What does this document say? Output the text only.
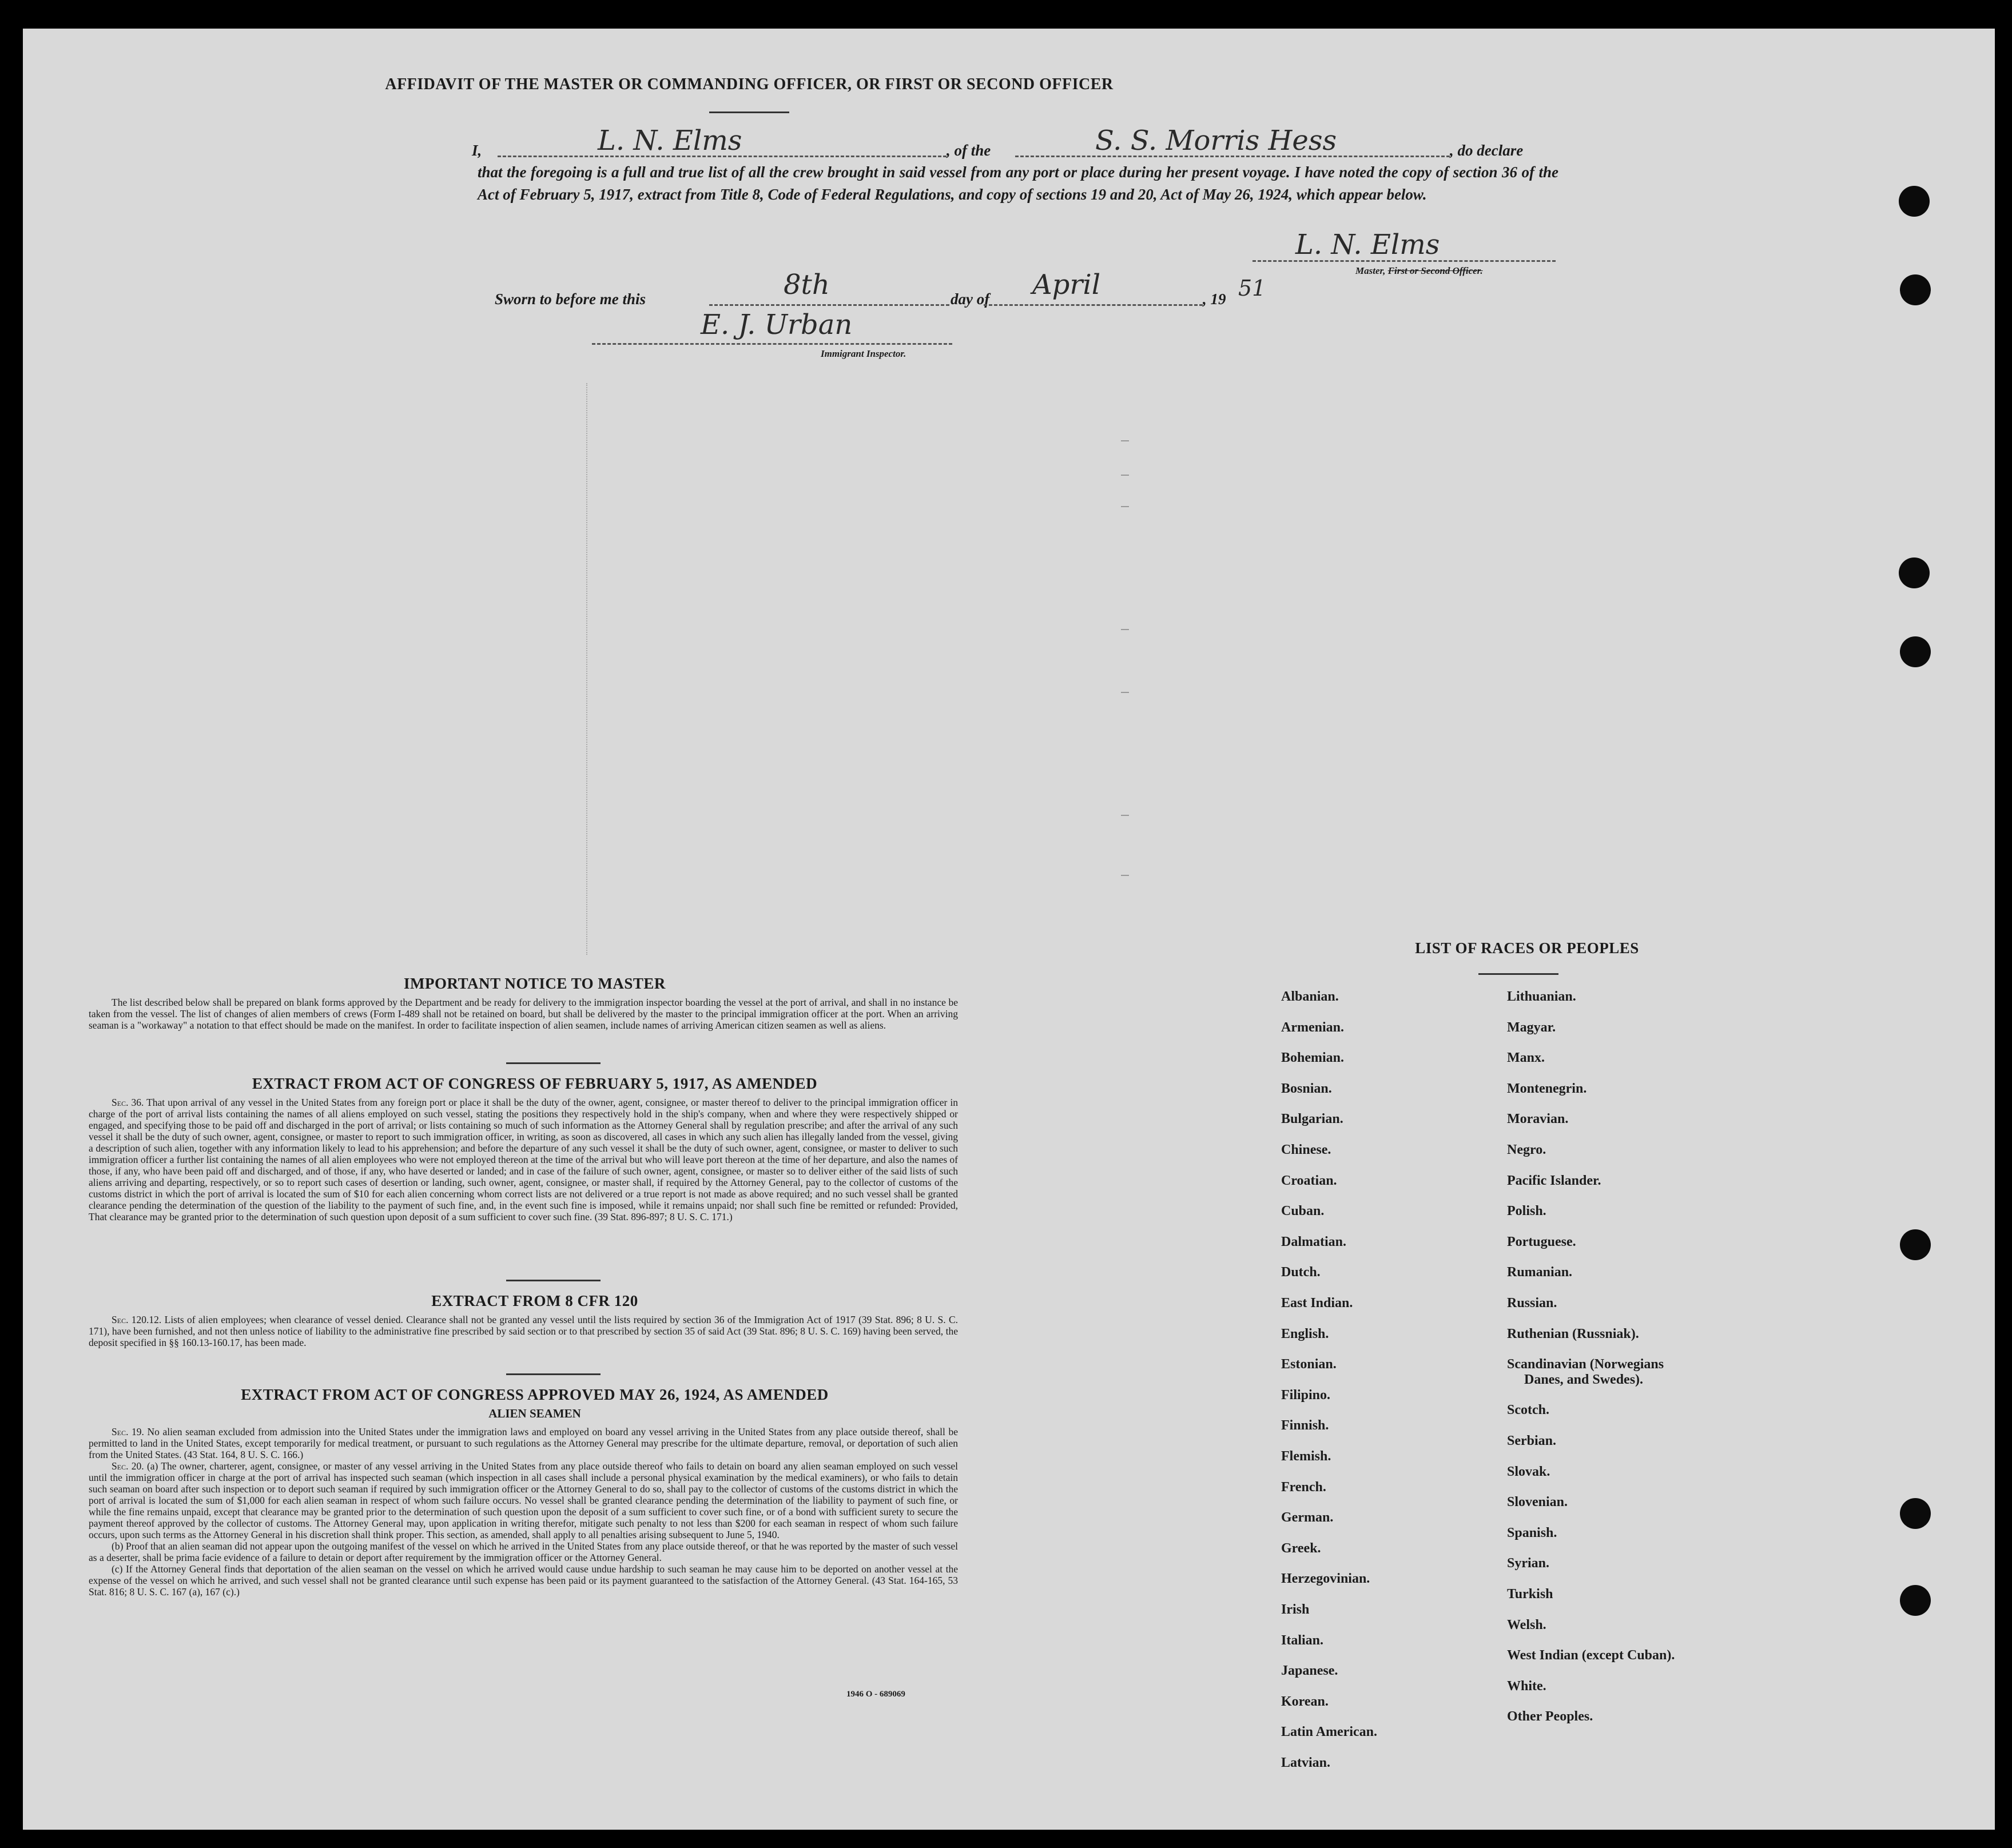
AFFIDAVIT OF THE MASTER OR COMMANDING OFFICER, OR FIRST OR SECOND OFFICER
I,	L. N. Elms	, of the	S. S. Morris Hess	, do declare
that the foregoing is a full and true list of all the crew brought in said vessel from any port or place during her present voyage. I have noted the copy of section 36 of the Act of February 5, 1917, extract from Title 8, Code of Federal Regulations, and copy of sections 19 and 20, Act of May 26, 1924, which appear below.
L. N. Elms
Master, First or Second Officer.
Sworn to before me this	8th	day of April	, 19 51
E. J. Urban
Immigrant Inspector.
IMPORTANT NOTICE TO MASTER

The list described below shall be prepared on blank forms approved by the Department and be ready for delivery to the immigration inspector boarding the vessel at the port of arrival, and shall in no instance be taken from the vessel. The list of changes of alien members of crews (Form I-489 shall not be retained on board, but shall be delivered by the master to the principal immigration officer at the port. When an arriving seaman is a "workaway" a notation to that effect should be made on the manifest. In order to facilitate inspection of alien seamen, include names of arriving American citizen seamen as well as aliens.

EXTRACT FROM ACT OF CONGRESS OF FEBRUARY 5, 1917, AS AMENDED

Sec. 36. That upon arrival of any vessel in the United States from any foreign port or place it shall be the duty of the owner, agent, consignee, or master thereof to deliver to the principal immigration officer in charge of the port of arrival lists containing the names of all aliens employed on such vessel, stating the positions they respectively hold in the ship's company, when and where they were respectively shipped or engaged, and specifying those to be paid off and discharged in the port of arrival; or lists containing so much of such information as the Attorney General shall by regulation prescribe; and after the arrival of any such vessel it shall be the duty of such owner, agent, consignee, or master to report to such immigration officer, in writing, as soon as discovered, all cases in which any such alien has illegally landed from the vessel, giving a description of such alien, together with any information likely to lead to his apprehension; and before the departure of any such vessel it shall be the duty of such owner, agent, consignee, or master to deliver to such immigration officer a further list containing the names of all alien employees who were not employed thereon at the time of the arrival but who will leave port thereon at the time of her departure, and also the names of those, if any, who have been paid off and discharged, and of those, if any, who have deserted or landed; and in case of the failure of such owner, agent, consignee, or master so to deliver either of the said lists of such aliens arriving and departing, respectively, or so to report such cases of desertion or landing, such owner, agent, consignee, or master shall, if required by the Attorney General, pay to the collector of customs of the customs district in which the port of arrival is located the sum of $10 for each alien concerning whom correct lists are not delivered or a true report is not made as above required; and no such vessel shall be granted clearance pending the determination of the question of the liability to the payment of such fine, and, in the event such fine is imposed, while it remains unpaid; nor shall such fine be remitted or refunded: Provided, That clearance may be granted prior to the determination of such question upon deposit of a sum sufficient to cover such fine. (39 Stat. 896-897; 8 U. S. C. 171.)

EXTRACT FROM 8 CFR 120

Sec. 120.12. Lists of alien employees; when clearance of vessel denied. Clearance shall not be granted any vessel until the lists required by section 36 of the Immigration Act of 1917 (39 Stat. 896; 8 U. S. C. 171), have been furnished, and not then unless notice of liability to the administrative fine prescribed by said section or to that prescribed by section 35 of said Act (39 Stat. 896; 8 U. S. C. 169) having been served, the deposit specified in §§ 160.13-160.17, has been made.

EXTRACT FROM ACT OF CONGRESS APPROVED MAY 26, 1924, AS AMENDED
ALIEN SEAMEN

Sec. 19. No alien seaman excluded from admission into the United States under the immigration laws and employed on board any vessel arriving in the United States from any place outside thereof, shall be permitted to land in the United States, except temporarily for medical treatment, or pursuant to such regulations as the Attorney General may prescribe for the ultimate departure, removal, or deportation of such alien from the United States. (43 Stat. 164, 8 U. S. C. 166.)

Sec. 20. (a) The owner, charterer, agent, consignee, or master of any vessel arriving in the United States from any place outside thereof who fails to detain on board any alien seaman employed on such vessel until the immigration officer in charge at the port of arrival has inspected such seaman (which inspection in all cases shall include a personal physical examination by the medical examiners), or who fails to detain such seaman on board after such inspection or to deport such seaman if required by such immigration officer or the Attorney General to do so, shall pay to the collector of customs of the customs district in which the port of arrival is located the sum of $1,000 for each alien seaman in respect of whom such failure occurs. No vessel shall be granted clearance pending the determination of the liability to payment of such fine, or while the fine remains unpaid, except that clearance may be granted prior to the determination of such question upon the deposit of a sum sufficient to cover such fine, or of a bond with sufficient surety to secure the payment thereof approved by the collector of customs. The Attorney General may, upon application in writing therefor, mitigate such penalty to not less than $200 for each seaman in respect of whom such failure occurs, upon such terms as the Attorney General in his discretion shall think proper. This section, as amended, shall apply to all penalties arising subsequent to June 5, 1940.

(b) Proof that an alien seaman did not appear upon the outgoing manifest of the vessel on which he arrived in the United States from any place outside thereof, or that he was reported by the master of such vessel as a deserter, shall be prima facie evidence of a failure to detain or deport after requirement by the immigration officer or the Attorney General.

(c) If the Attorney General finds that deportation of the alien seaman on the vessel on which he arrived would cause undue hardship to such seaman he may cause him to be deported on another vessel at the expense of the vessel on which he arrived, and such vessel shall not be granted clearance until such expense has been paid or its payment guaranteed to the satisfaction of the Attorney General. (43 Stat. 164-165, 53 Stat. 816; 8 U. S. C. 167 (a), 167 (c).)

1946 O - 689069
LIST OF RACES OR PEOPLES
Albanian.
Armenian.
Bohemian.
Bosnian.
Bulgarian.
Chinese.
Croatian.
Cuban.
Dalmatian.
Dutch.
East Indian.
English.
Estonian.
Filipino.
Finnish.
Flemish.
French.
German.
Greek.
Herzegovinian.
Irish
Italian.
Japanese.
Korean.
Latin American.
Latvian.
Lithuanian.
Magyar.
Manx.
Montenegrin.
Moravian.
Negro.
Pacific Islander.
Polish.
Portuguese.
Rumanian.
Russian.
Ruthenian (Russniak).
Scandinavian (Norwegians
Danes, and Swedes).
Scotch.
Serbian.
Slovak.
Slovenian.
Spanish.
Syrian.
Turkish
Welsh.
West Indian (except Cuban).
White.
Other Peoples.
